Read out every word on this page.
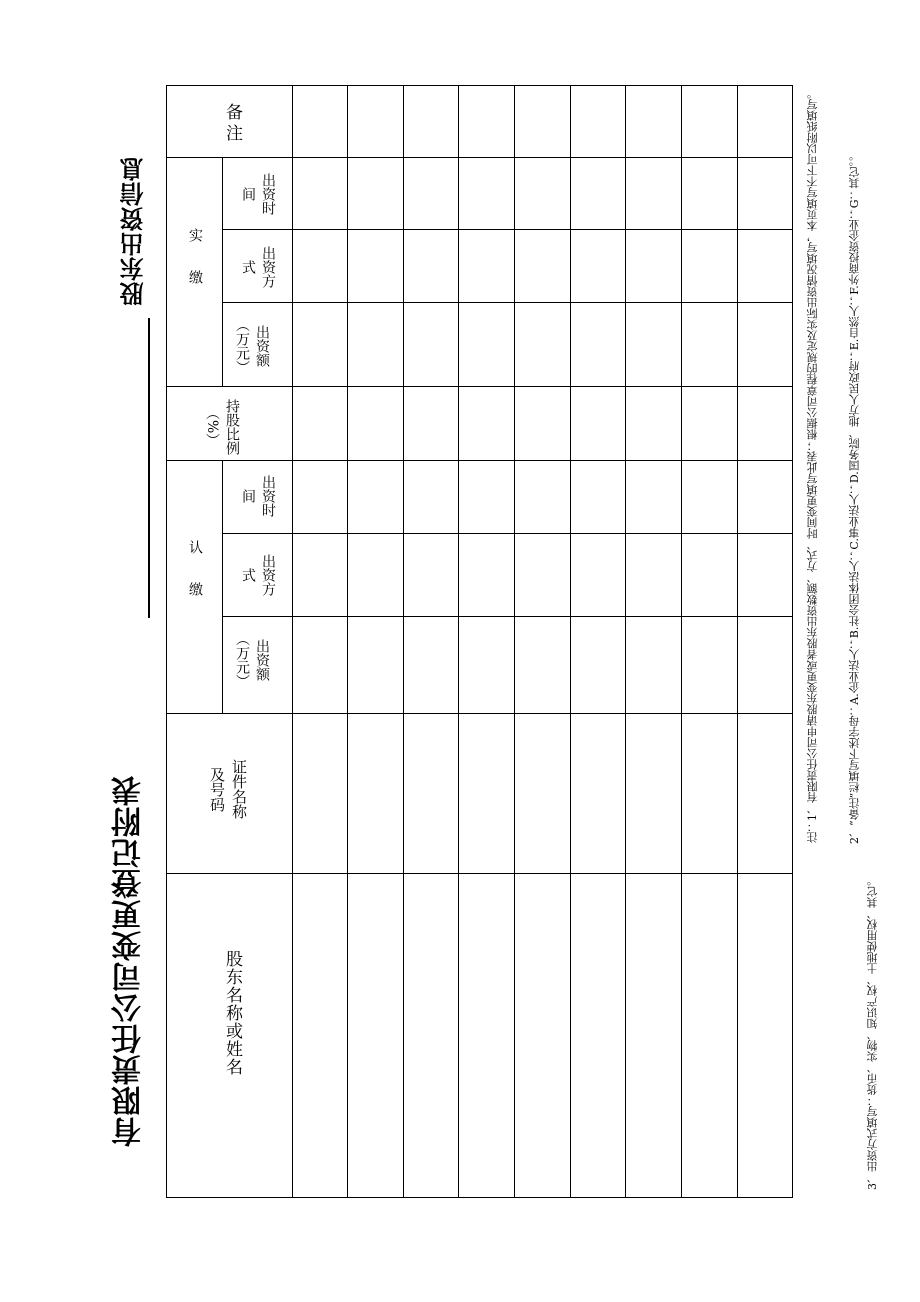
有限责任公司变更登记附表
股东出资信息
备注
实　　缴
出资时间
出资方式
出资额（万元）
持股比例（%）
认　　缴
出资时间
出资方式
出资额（万元）
证件名称及号码
股东名称或姓名
注：1、有限责任公司申请股东变更或者股东出资数额、方式、时间变更填写此表；根据公司章程的规定及实际出资情况填写，本页填写不下可以附纸填写。	2、“备注”栏填写下述字母：A.企业法人；B.社会团体法人；C.事业法人；D.国务院、地方人民政府；E.自然人；F.外商投资企业；G：其它。。
3、出资方式填写：货币、实物、知识产权、土地使用权、其它。
